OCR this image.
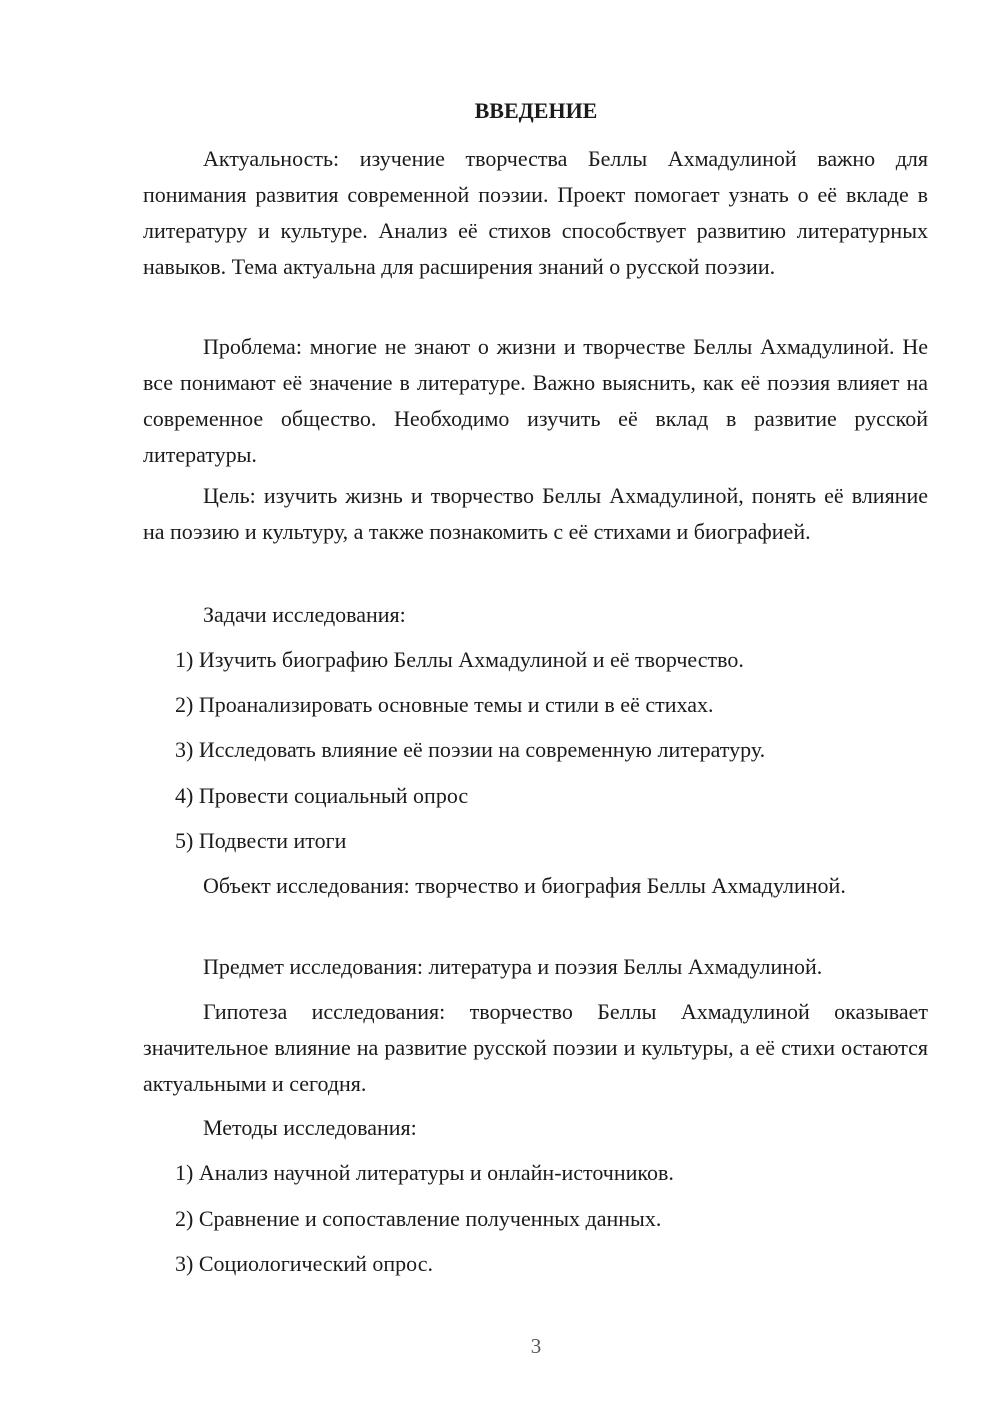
ВВЕДЕНИЕ

Актуальность: изучение творчества Беллы Ахмадулиной важно для понимания развития современной поэзии. Проект помогает узнать о её вкладе в литературу и культуре. Анализ её стихов способствует развитию литературных навыков. Тема актуальна для расширения знаний о русской поэзии.

Проблема: многие не знают о жизни и творчестве Беллы Ахмадулиной. Не все понимают её значение в литературе. Важно выяснить, как её поэзия влияет на современное общество. Необходимо изучить её вклад в развитие русской литературы.

Цель: изучить жизнь и творчество Беллы Ахмадулиной, понять её влияние на поэзию и культуру, а также познакомить с её стихами и биографией.

Задачи исследования:

1) Изучить биографию Беллы Ахмадулиной и её творчество.

2) Проанализировать основные темы и стили в её стихах.

3) Исследовать влияние её поэзии на современную литературу.

4) Провести социальный опрос

5) Подвести итоги

Объект исследования: творчество и биография Беллы Ахмадулиной.

Предмет исследования: литература и поэзия Беллы Ахмадулиной.

Гипотеза исследования: творчество Беллы Ахмадулиной оказывает значительное влияние на развитие русской поэзии и культуры, а её стихи остаются актуальными и сегодня.

Методы исследования:

1) Анализ научной литературы и онлайн-источников.

2) Сравнение и сопоставление полученных данных.

3) Социологический опрос.

3
